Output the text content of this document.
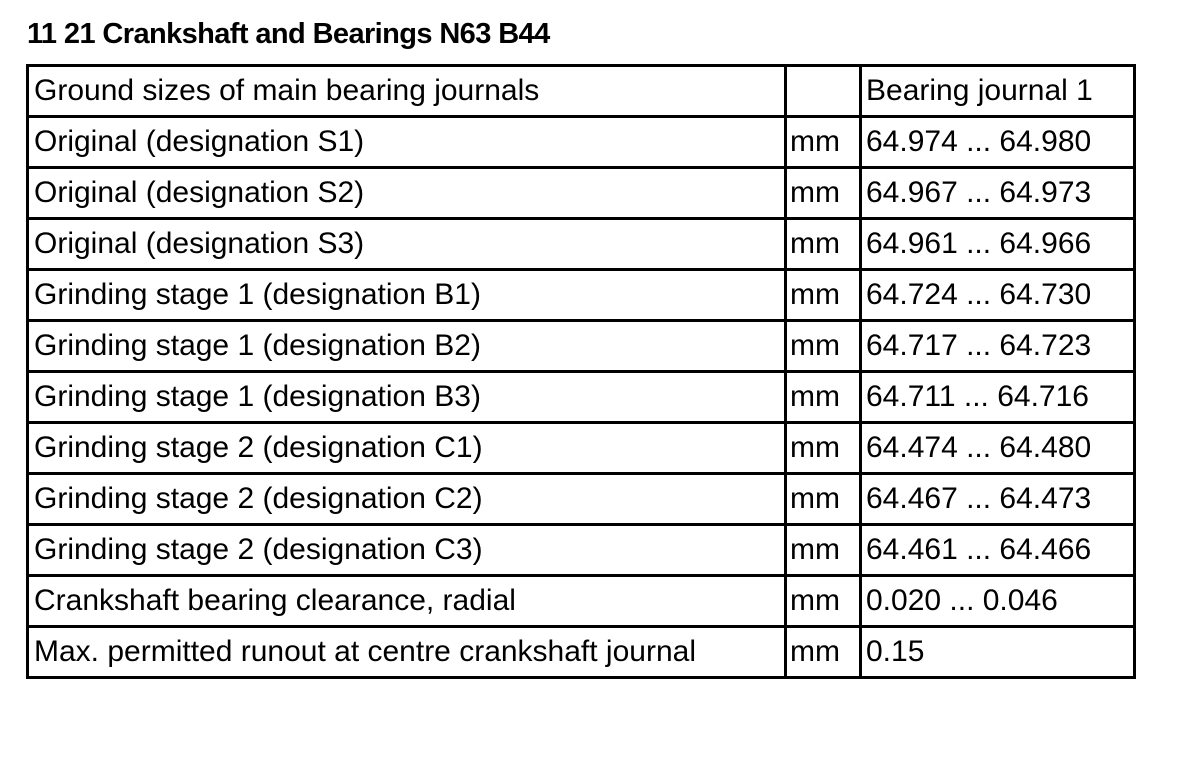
11 21 Crankshaft and Bearings N63 B44
Ground sizes of main bearing journals		Bearing journal 1
Original (designation S1)	mm	64.974 ... 64.980
Original (designation S2)	mm	64.967 ... 64.973
Original (designation S3)	mm	64.961 ... 64.966
Grinding stage 1 (designation B1)	mm	64.724 ... 64.730
Grinding stage 1 (designation B2)	mm	64.717 ... 64.723
Grinding stage 1 (designation B3)	mm	64.711 ... 64.716
Grinding stage 2 (designation C1)	mm	64.474 ... 64.480
Grinding stage 2 (designation C2)	mm	64.467 ... 64.473
Grinding stage 2 (designation C3)	mm	64.461 ... 64.466
Crankshaft bearing clearance, radial	mm	0.020 ... 0.046
Max. permitted runout at centre crankshaft journal	mm	0.15
